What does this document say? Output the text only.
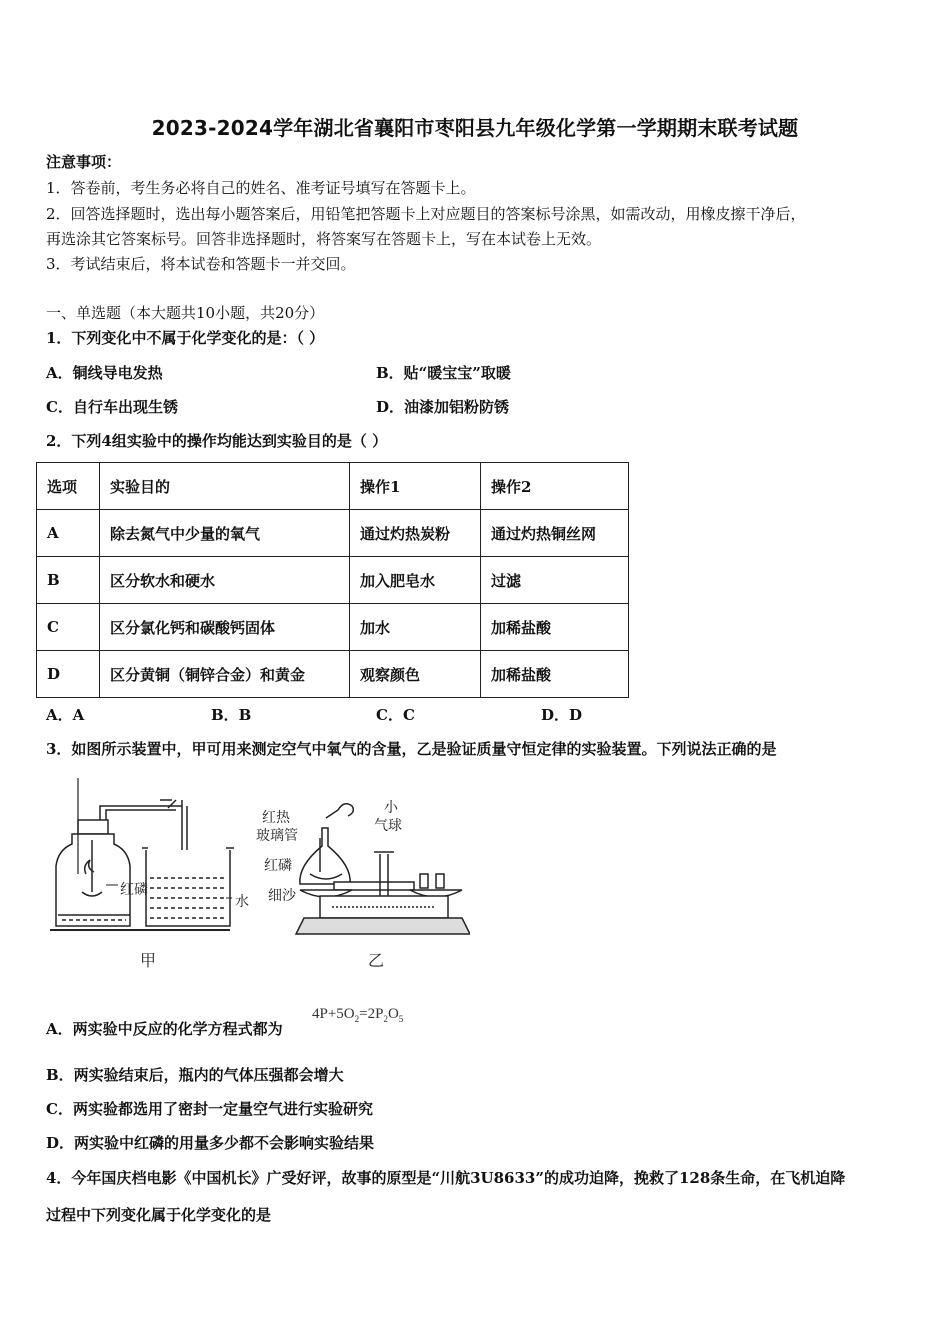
2023-2024学年湖北省襄阳市枣阳县九年级化学第一学期期末联考试题
注意事项：
1．答卷前，考生务必将自己的姓名、准考证号填写在答题卡上。
2．回答选择题时，选出每小题答案后，用铅笔把答题卡上对应题目的答案标号涂黑，如需改动，用橡皮擦干净后，
再选涂其它答案标号。回答非选择题时，将答案写在答题卡上，写在本试卷上无效。
3．考试结束后，将本试卷和答题卡一并交回。
一、单选题（本大题共10小题，共20分）
1．下列变化中不属于化学变化的是：（ ）
A．铜线导电发热	B．贴“暖宝宝”取暖
C．自行车出现生锈	D．油漆加铝粉防锈
2．下列4组实验中的操作均能达到实验目的是（ ）
选项	实验目的	操作1	操作2
A	除去氮气中少量的氧气	通过灼热炭粉	通过灼热铜丝网
B	区分软水和硬水	加入肥皂水	过滤
C	区分氯化钙和碳酸钙固体	加水	加稀盐酸
D	区分黄铜（铜锌合金）和黄金	观察颜色	加稀盐酸
A．A	B．B	C．C	D．D
3．如图所示装置中，甲可用来测定空气中氧气的含量，乙是验证质量守恒定律的实验装置。下列说法正确的是
红磷
水
甲
红热
玻璃管
红磷
细沙
小
气球
乙
A．两实验中反应的化学方程式都为
$4P+5O_2=2P_2O_5$
B．两实验结束后，瓶内的气体压强都会增大
C．两实验都选用了密封一定量空气进行实验研究
D．两实验中红磷的用量多少都不会影响实验结果
4．今年国庆档电影《中国机长》广受好评，故事的原型是“川航3U8633”的成功迫降，挽救了128条生命，在飞机迫降
过程中下列变化属于化学变化的是
